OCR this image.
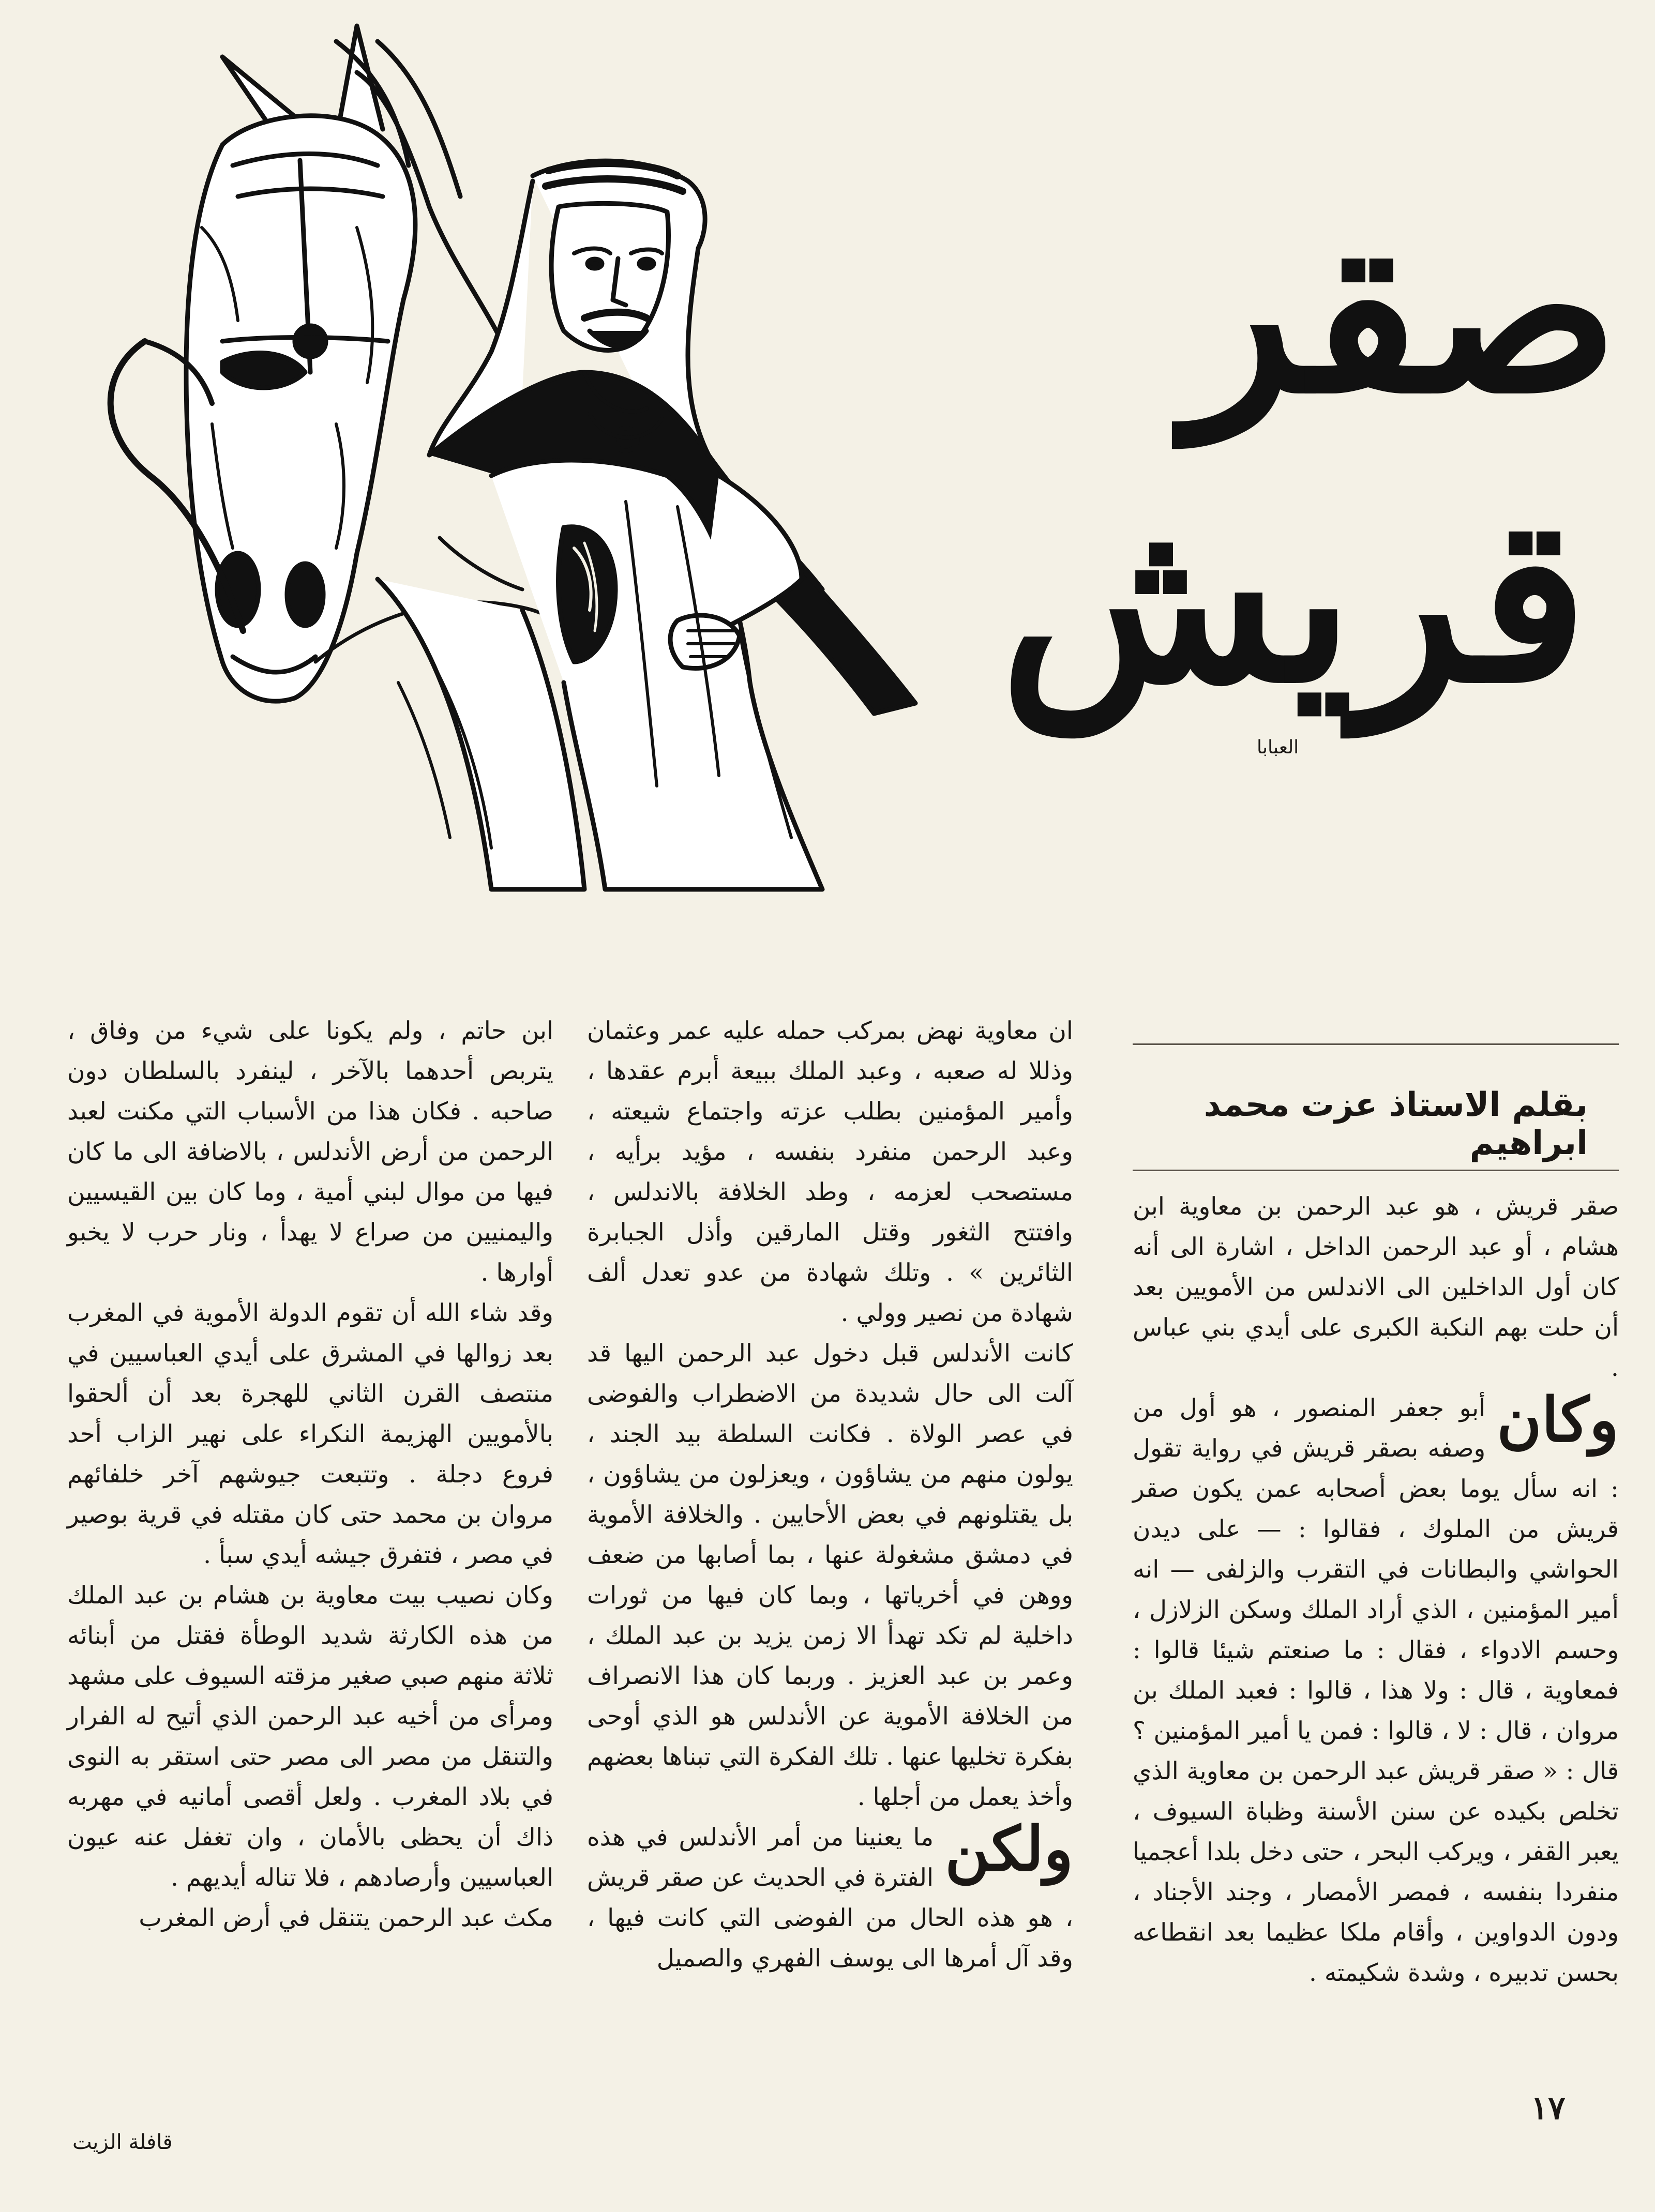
صقر
قريش
العبابا
بقلم الاستاذ عزت محمد ابراهيم

صقر قريش ، هو عبد الرحمن بن معاوية ابن هشام ، أو عبد الرحمن الداخل ، اشارة الى أنه كان أول الداخلين الى الاندلس من الأمويين بعد أن حلت بهم النكبة الكبرى على أيدي بني عباس .

وكان
أبو جعفر المنصور ، هو أول من وصفه بصقر قريش في رواية تقول : انه سأل يوما بعض أصحابه عمن يكون صقر قريش من الملوك ، فقالوا : — على ديدن الحواشي والبطانات في التقرب والزلفى — انه أمير المؤمنين ، الذي أراد الملك وسكن الزلازل ، وحسم الادواء ، فقال : ما صنعتم شيئا قالوا : فمعاوية ، قال : ولا هذا ، قالوا : فعبد الملك بن مروان ، قال : لا ، قالوا : فمن يا أمير المؤمنين ؟ قال : « صقر قريش عبد الرحمن بن معاوية الذي تخلص بكيده عن سنن الأسنة وظباة السيوف ، يعبر القفر ، ويركب البحر ، حتى دخل بلدا أعجميا منفردا بنفسه ، فمصر الأمصار ، وجند الأجناد ، ودون الدواوين ، وأقام ملكا عظيما بعد انقطاعه بحسن تدبيره ، وشدة شكيمته .

ان معاوية نهض بمركب حمله عليه عمر وعثمان وذللا له صعبه ، وعبد الملك ببيعة أبرم عقدها ، وأمير المؤمنين بطلب عزته واجتماع شيعته ، وعبد الرحمن منفرد بنفسه ، مؤيد برأيه ، مستصحب لعزمه ، وطد الخلافة بالاندلس ، وافتتح الثغور وقتل المارقين وأذل الجبابرة الثائرين » . وتلك شهادة من عدو تعدل ألف شهادة من نصير وولي .

كانت الأندلس قبل دخول عبد الرحمن اليها قد آلت الى حال شديدة من الاضطراب والفوضى في عصر الولاة . فكانت السلطة بيد الجند ، يولون منهم من يشاؤون ، ويعزلون من يشاؤون ، بل يقتلونهم في بعض الأحايين . والخلافة الأموية في دمشق مشغولة عنها ، بما أصابها من ضعف ووهن في أخرياتها ، وبما كان فيها من ثورات داخلية لم تكد تهدأ الا زمن يزيد بن عبد الملك ، وعمر بن عبد العزيز . وربما كان هذا الانصراف من الخلافة الأموية عن الأندلس هو الذي أوحى بفكرة تخليها عنها . تلك الفكرة التي تبناها بعضهم وأخذ يعمل من أجلها .

ولكن
ما يعنينا من أمر الأندلس في هذه الفترة في الحديث عن صقر قريش ، هو هذه الحال من الفوضى التي كانت فيها ، وقد آل أمرها الى يوسف الفهري والصميل

ابن حاتم ، ولم يكونا على شيء من وفاق ، يتربص أحدهما بالآخر ، لينفرد بالسلطان دون صاحبه . فكان هذا من الأسباب التي مكنت لعبد الرحمن من أرض الأندلس ، بالاضافة الى ما كان فيها من موال لبني أمية ، وما كان بين القيسيين واليمنيين من صراع لا يهدأ ، ونار حرب لا يخبو أوارها .

وقد شاء الله أن تقوم الدولة الأموية في المغرب بعد زوالها في المشرق على أيدي العباسيين في منتصف القرن الثاني للهجرة بعد أن ألحقوا بالأمويين الهزيمة النكراء على نهير الزاب أحد فروع دجلة . وتتبعت جيوشهم آخر خلفائهم مروان بن محمد حتى كان مقتله في قرية بوصير في مصر ، فتفرق جيشه أيدي سبأ .

وكان نصيب بيت معاوية بن هشام بن عبد الملك من هذه الكارثة شديد الوطأة فقتل من أبنائه ثلاثة منهم صبي صغير مزقته السيوف على مشهد ومرأى من أخيه عبد الرحمن الذي أتيح له الفرار والتنقل من مصر الى مصر حتى استقر به النوى في بلاد المغرب . ولعل أقصى أمانيه في مهربه ذاك أن يحظى بالأمان ، وان تغفل عنه عيون العباسيين وأرصادهم ، فلا تناله أيديهم .

مكث عبد الرحمن يتنقل في أرض المغرب

١٧
قافلة الزيت
